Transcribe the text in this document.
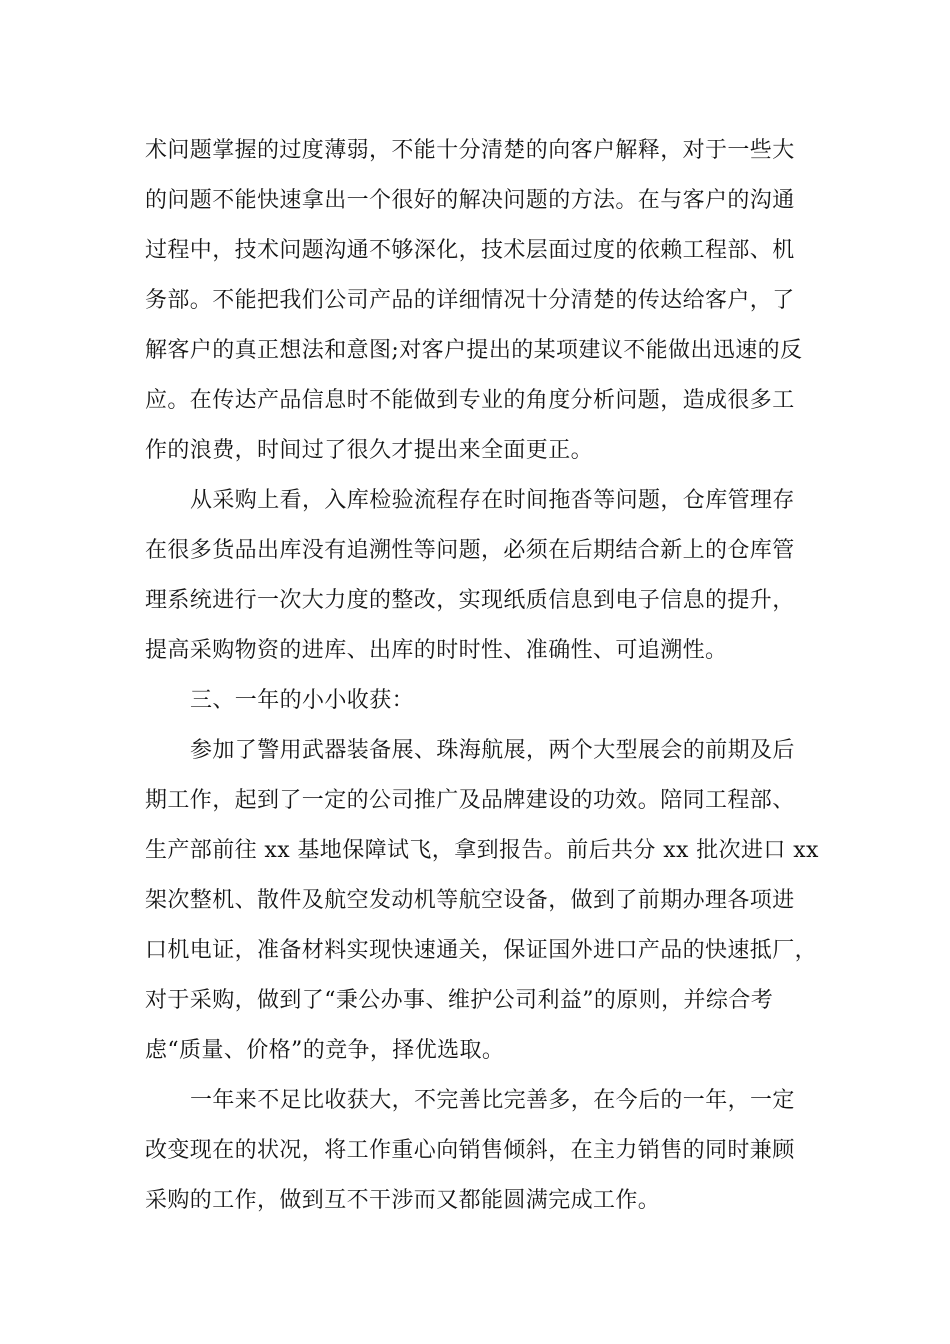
术问题掌握的过度薄弱，不能十分清楚的向客户解释，对于一些大
的问题不能快速拿出一个很好的解决问题的方法。在与客户的沟通
过程中，技术问题沟通不够深化，技术层面过度的依赖工程部、机
务部。不能把我们公司产品的详细情况十分清楚的传达给客户，了
解客户的真正想法和意图;对客户提出的某项建议不能做出迅速的反
应。在传达产品信息时不能做到专业的角度分析问题，造成很多工
作的浪费，时间过了很久才提出来全面更正。
从采购上看，入库检验流程存在时间拖沓等问题，仓库管理存
在很多货品出库没有追溯性等问题，必须在后期结合新上的仓库管
理系统进行一次大力度的整改，实现纸质信息到电子信息的提升，
提高采购物资的进库、出库的时时性、准确性、可追溯性。
三、一年的小小收获：
参加了警用武器装备展、珠海航展，两个大型展会的前期及后
期工作，起到了一定的公司推广及品牌建设的功效。陪同工程部、
生产部前往 xx 基地保障试飞，拿到报告。前后共分 xx 批次进口 xx
架次整机、散件及航空发动机等航空设备，做到了前期办理各项进
口机电证，准备材料实现快速通关，保证国外进口产品的快速抵厂，
对于采购，做到了“秉公办事、维护公司利益”的原则，并综合考
虑“质量、价格”的竞争，择优选取。
一年来不足比收获大，不完善比完善多，在今后的一年，一定
改变现在的状况，将工作重心向销售倾斜，在主力销售的同时兼顾
采购的工作，做到互不干涉而又都能圆满完成工作。
